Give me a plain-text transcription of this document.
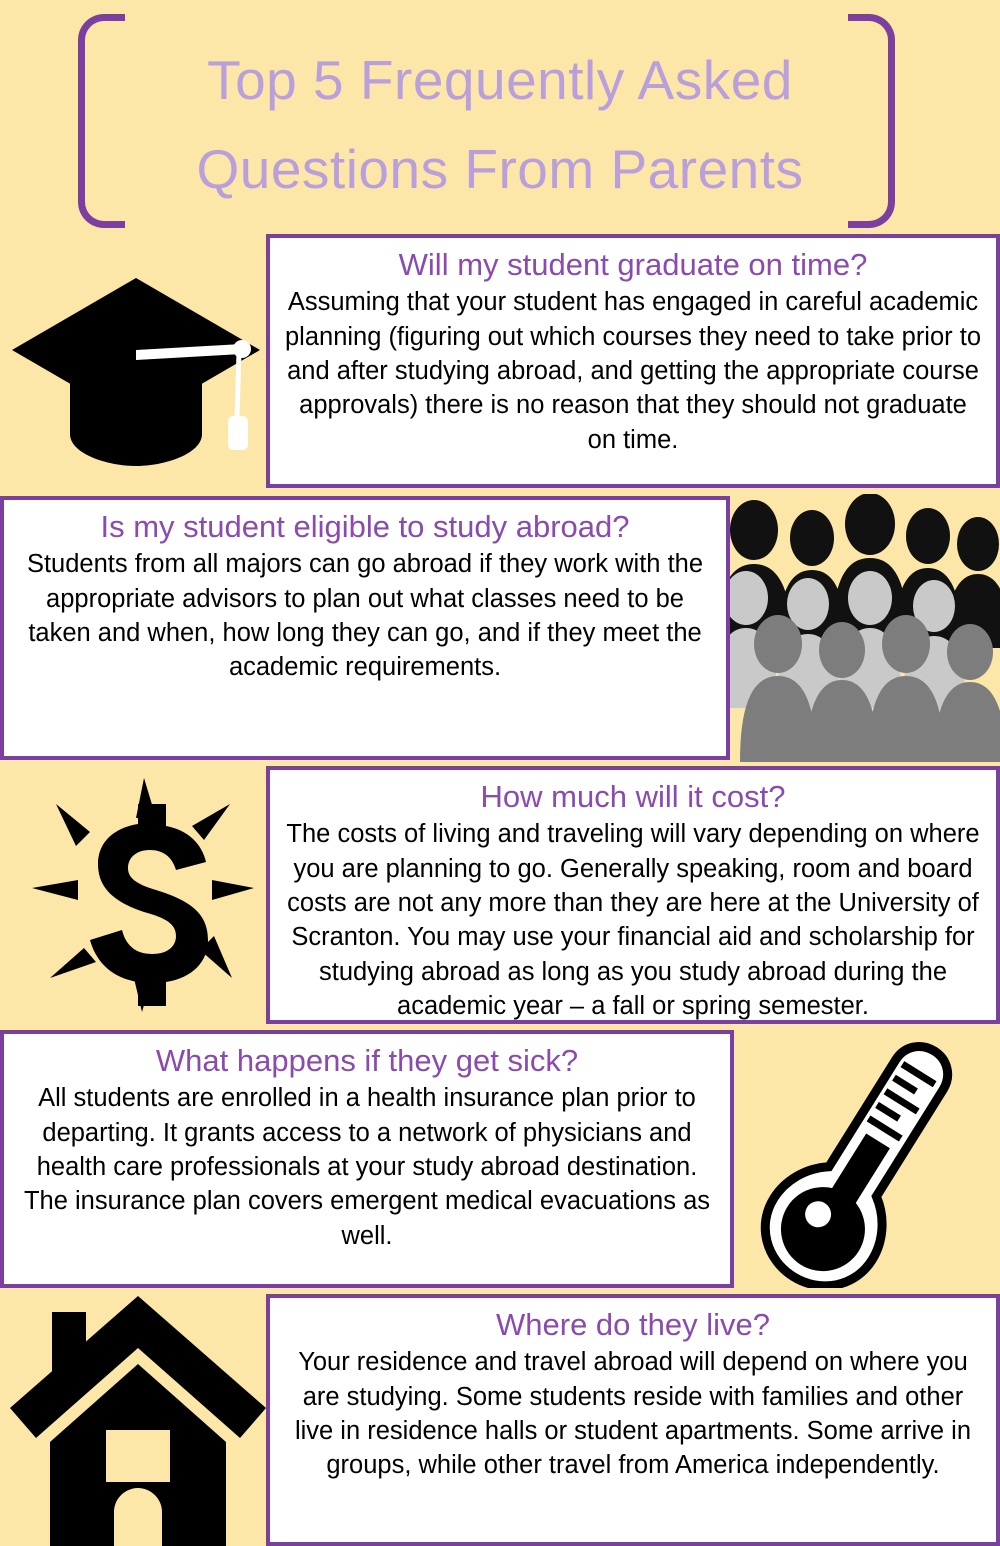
Top 5 Frequently Asked
Questions From Parents
Will my student graduate on time?
Assuming that your student has engaged in careful academic planning (figuring out which courses they need to take prior to and after studying abroad, and getting the appropriate course approvals) there is no reason that they should not graduate on time.
Is my student eligible to study abroad?
Students from all majors can go abroad if they work with the appropriate advisors to plan out what classes need to be taken and when, how long they can go, and if they meet the academic requirements.
How much will it cost?
The costs of living and traveling will vary depending on where you are planning to go. Generally speaking, room and board costs are not any more than they are here at the University of Scranton. You may use your financial aid and scholarship for studying abroad as long as you study abroad during the academic year – a fall or spring semester.
What happens if they get sick?
All students are enrolled in a health insurance plan prior to departing. It grants access to a network of physicians and health care professionals at your study abroad destination. The insurance plan covers emergent medical evacuations as well.
Where do they live?
Your residence and travel abroad will depend on where you are studying. Some students reside with families and other live in residence halls or student apartments. Some arrive in groups, while other travel from America independently.
